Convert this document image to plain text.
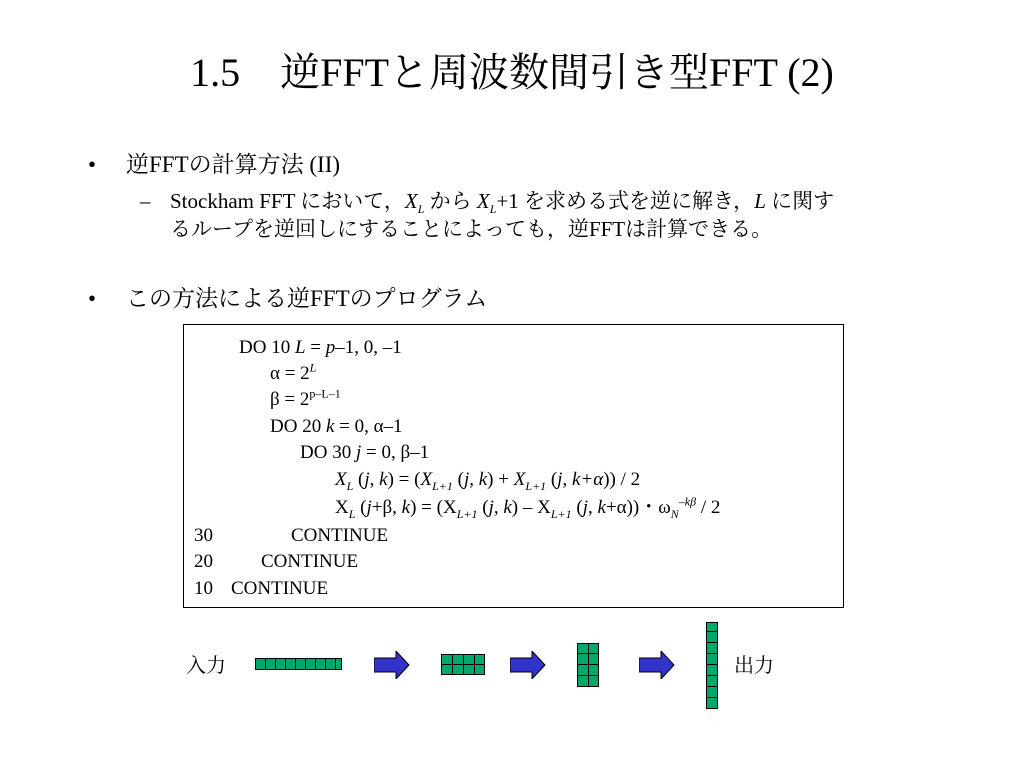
1.5　逆FFTと周波数間引き型FFT (2)
• 逆FFTの計算方法 (II)
– Stockham FFT において，$X_L$ から $X_L+1$ を求める式を逆に解き，L に関す
るループを逆回しにすることによっても，逆FFTは計算できる。
• この方法による逆FFTのプログラム
DO 10 L = p–1, 0, –1
$\alpha = 2^L$
$\beta = 2^{p-L-1}$
DO 20 k = 0, α–1
DO 30 j = 0, β–1
$X_L$ (j, $k) = (X_{L+1}$ (j, $k) + X_{L+1}$ (j, k+α)) / 2
$X_L$ (j+β, $k) = (X_{L+1}$ (j, $k) - X_{L+1}$ (j, k+α))・$\omega_N^{-k\beta} / 2$
30	CONTINUE
20	CONTINUE
10 CONTINUE
入力	出力
